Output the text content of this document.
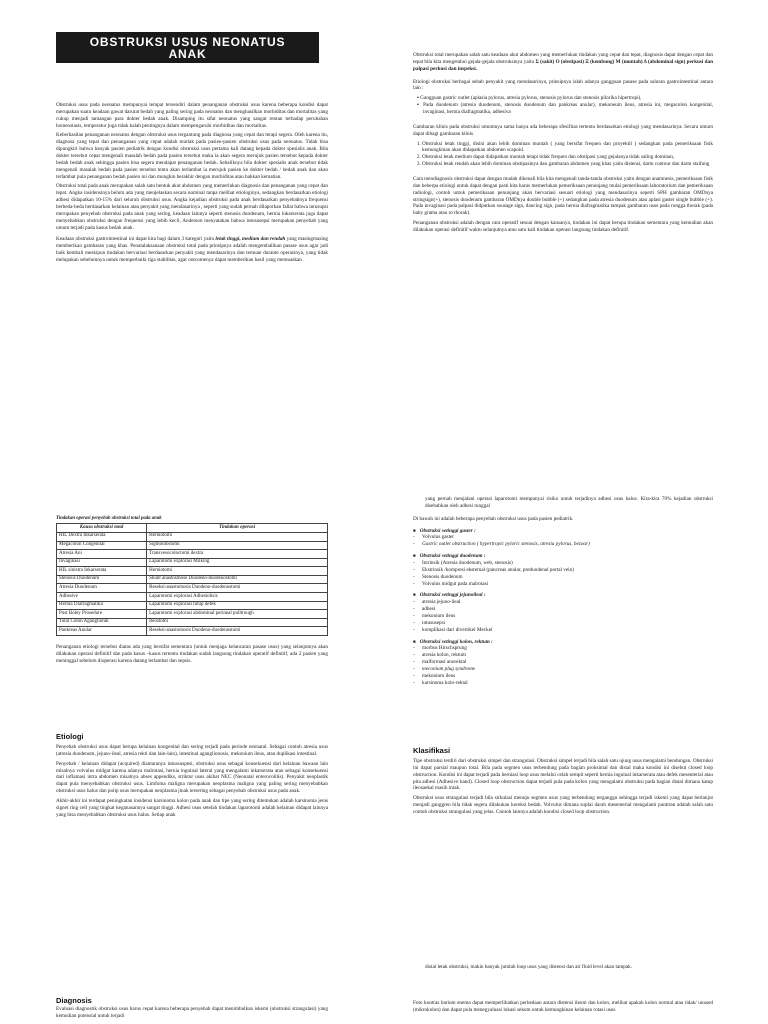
OBSTRUKSI USUS NEONATUS ANAK

Obstruksi usus pada neonatus mempunyai tempat tersendiri dalam penanganan obstruksi usus karena beberapa kondisi dapat merupakan suatu keadaan gawat darurat bedah yang paling sering pada neonatus dan menghasilkan morbiditas dan mortalitas yang cukup menjadi tantangan para dokter bedah anak. Disamping itu sifat neonatus yang sangat rentan terhadap perubahan homeostasis, temperatur juga tidak kalah pentingnya dalam mempengaruhi morbiditas dan mortalitas.

Keberhasilan penanganan neonatus dengan obstruksi usus tergantung pada diagnosa yang cepat dan terapi segera. Oleh karena itu, diagnosa yang tepat dan penanganan yang cepat adalah mutlak pada pasien-pasien obstruksi usus pada neonatus. Tidak bisa dipungkiri bahwa banyak pasien pediatrik dengan kondisi obstruksi usus pertama kali datang kepada dokter spesialis anak. Bila dokter tersebut cepat mengenali masalah bedah pada pasien tersebut maka ia akan segera merujuk pasien tersebut kepada dokter bedah bedah anak sehingga pasien bisa segera mendapat penanganan bedah. Sebaliknya bila dokter spesialis anak tersebut tidak mengenali masalah bedah pada pasien tersebut tentu akan terlambat ia merujuk pasien ke dokter bedah / bedah anak dan akan terlambat pula penanganan bedah pasien ini dan mungkin berakhir dengan morbiditas atau bahkan kematian.

Obstruksi total pada anak merupakan salah satu bentuk akut abdomen yang memerlukan diagnosis dan penanganan yang cepat dan tepat. Angka insidensinya belum ada yang menjelaskan secara nominal tanpa melihat etiologinya, sedangkan berdasarkan etiologi adhesi didapatkan 10-15% dari seluruh obstruksi usus. Angka kejadian obstruksi pada anak berdasarkan penyebabnya frequensi berbeda-beda berdasarkan kelainan atau penyakit yang mendasarinya , seperti yang sudah pernah dilaporkan fallat bahwa intusupsi merupakan penyebab obstruksi pada anak yang sering, keadaan lainnya seperti stenosis duodenum, hernia inkarserata juga dapat menyebabkan obstruksi dengan frequensi yang lebih kecil, Anderson menyatakan bahwa intususepsi merupakan penyebab yang umum terjadi pada kasus bedah anak.

Keadaan obstruksi gastrointestinal ini dapat kita bagi dalam 3 kategori yaitu letak tinggi, medium dan rendah yang masingmasing memberikan gambaran yang khas. Penatalaksanaan obstruksi total pada prinsipnya adalah mengembalikan pasase usus agar jadi baik kembali meskipun tindakan bervariasi berdasarkan penyakit yang mendasarinya dan temuan durante operasinya, yang tidak melupakan sebelumnya untuk memperbaiki tiga stabilitas, agar outcomenya dapat memberikan hasil yang memuaskan .

Obstruksi total merupakan salah satu keadaan akut abdomen yang memerlukan tindakan yang cepat dan tepat, diagnosis dapat dengan cepat dan tepat bila kita mengetahui gejala-gejala obstruksinya yaitu Σ (sakit) Ο (obstipasi) Ξ (kembung) Μ (muntah) Δ (abdominal sign) perkusi dan palpasi perkusi dan inspeksi.

Etiologi obstruksi berbagai sebab penyakit yang mendasarinya, prinsipnya ialah adanya gangguan pasase pada saluran gastrointestinal antara lain :

▪ Gangguan gastric outlet (aplasia pylorus, atresia pylorus, stenosis pylorus dan stenosis pilorika hipertropi),
▪ Pada duodenum (atresia duodenum, stenosis duodenum dan pankreas anular), mekoneum ileus, atresia ini, megacolon kongenital, invaginasi, hernia diafragmatika, adhesiva

Gambaran klinis pada obstruksi umumnya sama hanya ada beberapa sfesifitas tertentu berdasarkan etiologi yang mendasarinya. Secara umum dapat dibagi gambaran klinis

1. Obstruksi letak tinggi, disini akan lebih dominan muntah ( yang bersifat frequen dan proyektil ) sedangkan pada pemeriksaan fisik kemungkinan akan didapatkan abdomen scapoid.
2. Obstruksi letak medium dapat didapatkan muntah tetapi tidak frequen dan obstipasi yang gejalanya tidak saling dominan,
3. Obstruksi letak rendah akan lebih dominan obstipasinya dan gambaran abdomen yang khas yaitu distensi, darm contour dan darm staifung

Cara mendiagnosis obstruksi dapat dengan mudah dikenali bila kita mengenali tanda-tanda obstruksi yaitu dengan anamnesis, pemeriksaan fisik dan beberpa etiologi untuk dapat dengan pasti kita harus memerlukan pemeriksaan penunjang mulai pemeriksaan laboratorium dan pemeriksaan radiologi, contoh untuk pemeriksaan penunjang akan bervariasi sesuari etiologi yang mendasarinya seperti SPH gambaran OMDnya stringsign(+), stenosis duodenum gambaran OMDnya double bubble (+) sedangkan pada atresia duodenum atau aplasi gaster single bubble (+). Pada invaginasi pada palpasi didputkan sousage sign, dancing sign, pada hernia diafragmatika tampak gambaran usus pada rongga thorak (pada baby grama atau ro thorak).

Penanganan obstruksi adalah dengan cara operatif sesuai dengan kausanya, tindakan ini dapat berupa tindakan sementara yang kemudian akan dilakukan operasi definitif waktu selanjutnya atau satu kali tindakan operasi langsung tindakan definitif.

Tindakan operasi penyebab obstruksi total pada anak
Kausa obstruksi total	Tindakan operasi
HIL Dextra Inkarserata	Herniotomi
Megacolon Congenital	Sigmoidostomi
Atresia Ani	Transvesocoloctomi dextra
Invaginasi	Laparotomi explorasi Milking
HIL sinistra Inkarserata	Herniotomi
Stenosis Duodenum	Shunt anastosmose Duodeno-duodenostomi
Atresia Duodenum	Reseksi-anastomosis Duodeno-duodenostomi
Adhesive	Laparotomi explorasi Adhesiolisis
Hernia Diafragmatika	Laparotomi explorasi tutup defek
Post Boley Prosedure	Laparotomi explorasi abdominal perineal pulltrough
Total Colon Aganglionik	Ileostomi
Pankreas Anular	Reseksi-anastomosis Duodeno-duodenostomi

Penanganan etiologi tersebut diatas ada yang bersifat sementara (untuk menjaga kelancaran pasase usus) yang selanjutnya akan dilakukan operasi definitif dan pada kasus –kasus tertentu tindakan sudah langsung tindakan operatif definitif, ada 2 pasien yang meninggal sebelum dioperasi karena datang terlambat dan sepsis.

Etiologi

Penyebab obstruksi usus dapat berupa kelainan kongenital dan sering terjadi pada periode neonatal. Sebagai contoh atresia usus (atresia duodenum, jejuno-ileal, atresia rekti dan lain-lain), intestinal aganglionosis, mekonium ileus, atau duplikasi intestinal.

Penyebab / kelainan didapat (acquired) diantaranya intussuspesi, obstruksi usus sebagai konsekuensi dari kelainan bawaan lain misalnya volvulus midgut karena adanya malrotasi, hernia inguinal lateral yang mengalami inkarserata atau sebagai konsekuensi dari inflamasi intra abdomen misalnya abses appendiks, striktur usus akibat NEC (Neonatal enterocolitis). Penyakit neoplastik dapat pula menyebabkan obstruksi usus. Limfoma maligna merupakan neoplasma maligna yang paling sering menyebabkan obstruksi usus halus dan polip usus merupakan neoplasma jinak tersering sebagai penyebab obstruksi usus pada anak.

Akhir-akhir ini terdapat peningkatan insidensi karsinoma kolon pada anak dan tipe yang sering ditemukan adalah karsinoma jenis signet ring cell yang tingkat keganasannya sangat tinggi. Adhesi usus setelah tindakan laparotomi adalah kelainan didapat lainnya yang bisa menyebabkan obstruksi usus halus. Setiap anak

Diagnosis

Evaluasi diagnostik obstruksi usus harus cepat karena beberapa penyebab dapat menimbulkan iskemi (obstruksi strangulasi) yang kemudian potensial untuk terjadi

yang pernah menjalani operasi laparotomi mempunyai risiko untuk terjadinya adhesi usus halus. Kira-kira 70% kejadian obstruksi disebabkan oleh adhesi tunggal

Di bawah ini adalah beberapa penyebab obstruksi usus pada pasien pediatrik.

■ Obstruksi setinggi gaster :
- Volvulus gaster
- Gastric outlet obstruction ( hypertropic pyloric stenosis, atresia pylorus, bezoar)
■ Obstruksi setinggi duodenum :
- Intrinsik (Atresia duodenum, web, stenosis)
- Ekstrinsik /kompresi eksternal (pancreas anular, preduodenal portal vein)
- Stenosis duodenum
- Volvulus midgut pada malrotasi
■ Obstruksi setinggi jejunoileal :
- atresia jejuno-ileal
- adhesi
- mekonium ileus
- intususepsi
- komplikasi dari divertikel Meckel
■ Obstruksi setinggi kolon, rektum :
- morbus Hirschsprung
- atresia kolon, rektum
- malformasi anorektal
- meconium plug syndrome
- mekonium ileus
- karsinoma kolo-rektal
Klasifikasi

Tipe obstruksi terdiri dari obstruksi simpel dan strangulasi. Obstruksi simpel terjadi bila salah satu ujung usus mengalami bendungan. Obstruksi ini dapat parsial maupun total. Bila pada segmen usus terbendung pada bagian proksimal dan distal maka kondisi ini disebut closed loop obstruction. Kondisi ini dapat terjadi pada herniasi loop usus melalui celah sempit seperti hernia inguinal inkarserata atau defek mesenterial atau pita adhesi (Adhesive band). Closed loop obstruction dapat terjadi pula pada kolon yang mengalami obstruksi pada bagian distal dimana katup ileosaekal masih intak.

Obstruksi usus strangulasi terjadi bila sirkulasi menuju segmen usus yang terbendung terganggu sehingga terjadi iskemi yang dapat berlanjut menjadi ganggren bila tidak segera dilakukan koreksi bedah. Volvulus dimana suplai darah mesenterial mengalami puntiran adalah salah satu contoh obstruksi strangulasi yang jelas. Contoh lainnya adalah kondisi closed loop obstruction.

distal letak obstruksi, makin banyak jumlah loop usus yang distensi dan air fluid level akan tampak.

Foto kontras barium enema dapat memperlihatkan perbedaan antara distensi ileum dan kolon, melihat apakah kolon normal atau tidak/ unused (mikrokolon) dan dapat pula menegyaluasi lokasi sekum untuk kemungkinan kelainan rotasi usus
